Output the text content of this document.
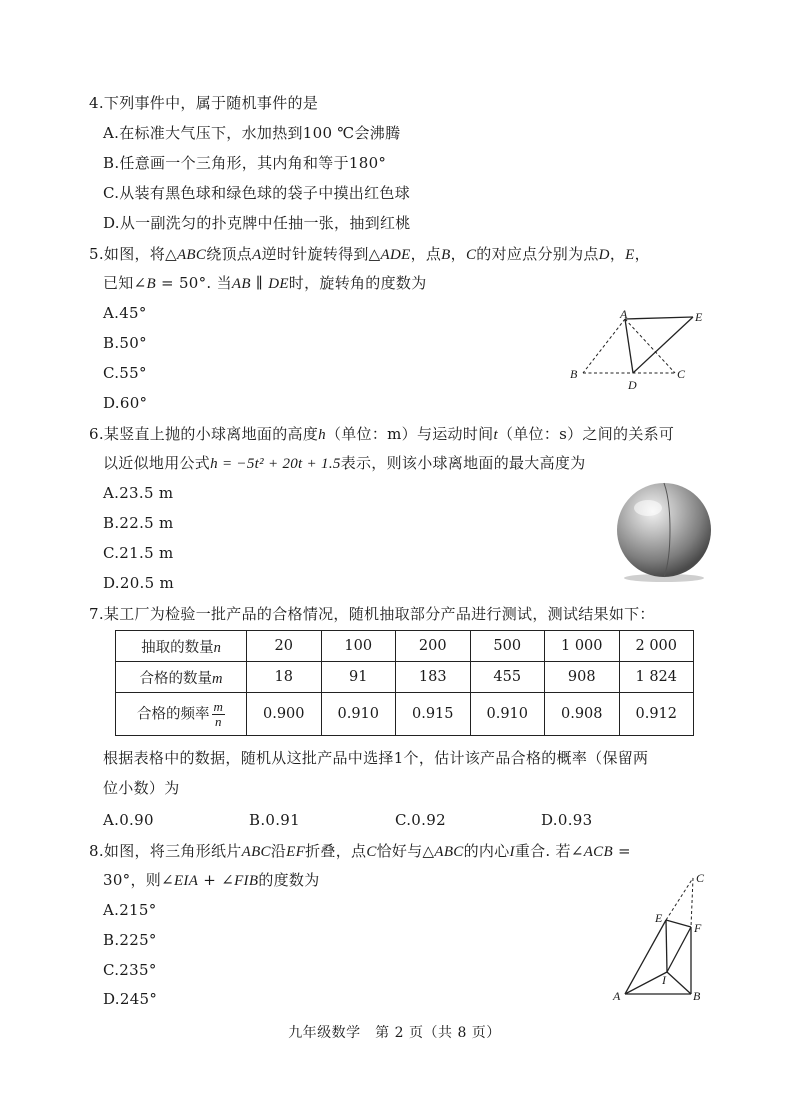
4.下列事件中，属于随机事件的是
A.在标准大气压下，水加热到100 ℃会沸腾
B.任意画一个三角形，其内角和等于180°
C.从装有黑色球和绿色球的袋子中摸出红色球
D.从一副洗匀的扑克牌中任抽一张，抽到红桃
5.如图，将△ABC绕顶点A逆时针旋转得到△ADE，点B，C的对应点分别为点D，E，
已知∠B = 50°. 当AB ∥ DE时，旋转角的度数为
A.45°
B.50°
C.55°
D.60°
A	E
B	C
D
6.某竖直上抛的小球离地面的高度h（单位：m）与运动时间t（单位：s）之间的关系可
以近似地用公式h = −5t² + 20t + 1.5表示，则该小球离地面的最大高度为
A.23.5 m
B.22.5 m
C.21.5 m
D.20.5 m
7.某工厂为检验一批产品的合格情况，随机抽取部分产品进行测试，测试结果如下：
抽取的数量n	20	100	200	500	1 000	2 000
合格的数量m	18	91	183	455	908	1 824
合格的频率 $\frac{m}{n}$	0.900	0.910	0.915	0.910	0.908	0.912
根据表格中的数据，随机从这批产品中选择1个，估计该产品合格的概率（保留两
位小数）为
A.0.90	B.0.91	C.0.92	D.0.93
8.如图，将三角形纸片ABC沿EF折叠，点C恰好与△ABC的内心I重合. 若∠ACB =
30°，则∠EIA + ∠FIB的度数为
A.215°
B.225°
C.235°
D.245°
C
E
F
I
A	B
九年级数学　第 2 页（共 8 页）
